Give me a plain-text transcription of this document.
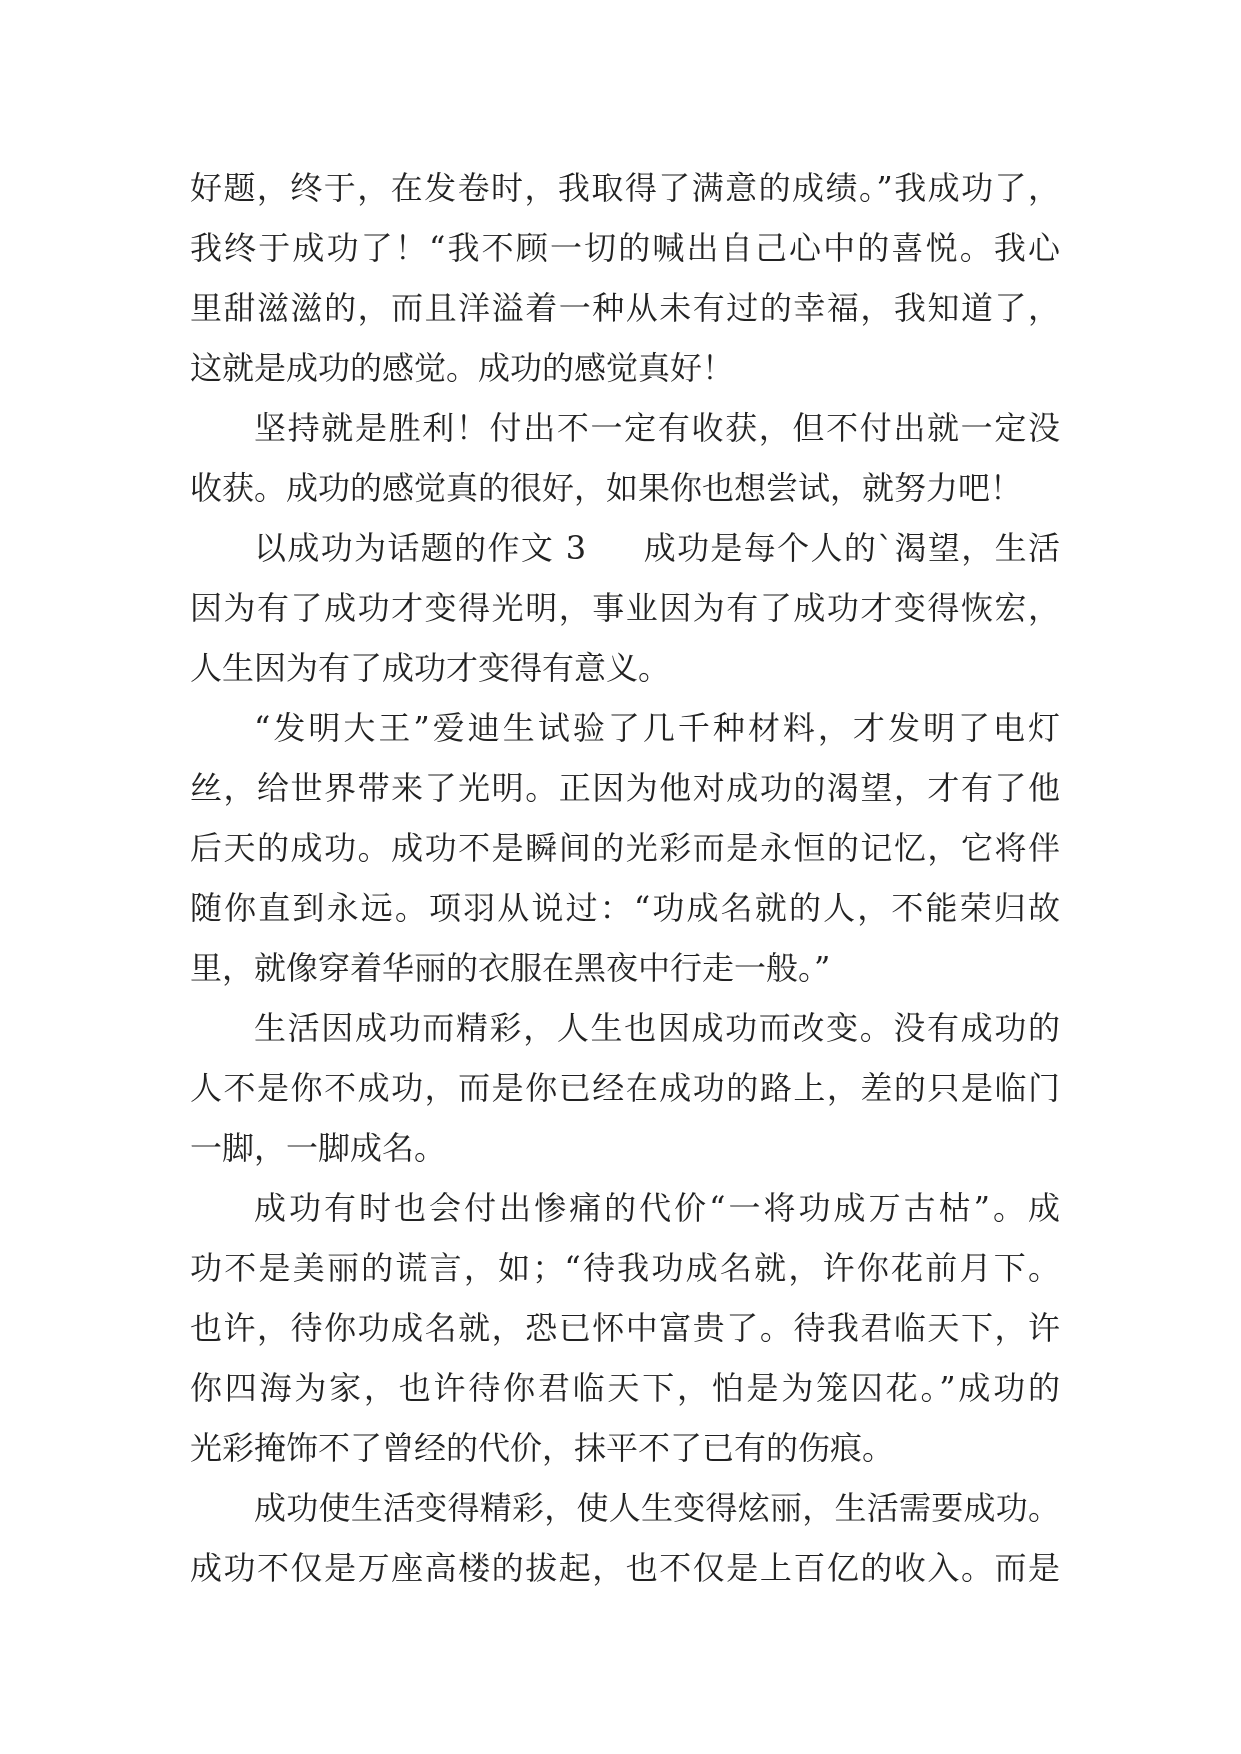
好题，终于，在发卷时，我取得了满意的成绩。”我成功了，
我终于成功了！“我不顾一切的喊出自己心中的喜悦。我心
里甜滋滋的，而且洋溢着一种从未有过的幸福，我知道了，
这就是成功的感觉。成功的感觉真好！
坚持就是胜利！付出不一定有收获，但不付出就一定没
收获。成功的感觉真的很好，如果你也想尝试，就努力吧！
以成功为话题的作文 3     成功是每个人的`渴望，生活
因为有了成功才变得光明，事业因为有了成功才变得恢宏，
人生因为有了成功才变得有意义。
“发明大王”爱迪生试验了几千种材料，才发明了电灯
丝，给世界带来了光明。正因为他对成功的渴望，才有了他
后天的成功。成功不是瞬间的光彩而是永恒的记忆，它将伴
随你直到永远。项羽从说过：“功成名就的人，不能荣归故
里，就像穿着华丽的衣服在黑夜中行走一般。”
生活因成功而精彩，人生也因成功而改变。没有成功的
人不是你不成功，而是你已经在成功的路上，差的只是临门
一脚，一脚成名。
成功有时也会付出惨痛的代价“一将功成万古枯”。成
功不是美丽的谎言，如；“待我功成名就，许你花前月下。
也许，待你功成名就，恐已怀中富贵了。待我君临天下，许
你四海为家，也许待你君临天下，怕是为笼囚花。”成功的
光彩掩饰不了曾经的代价，抹平不了已有的伤痕。
成功使生活变得精彩，使人生变得炫丽，生活需要成功。
成功不仅是万座高楼的拔起，也不仅是上百亿的收入。而是
